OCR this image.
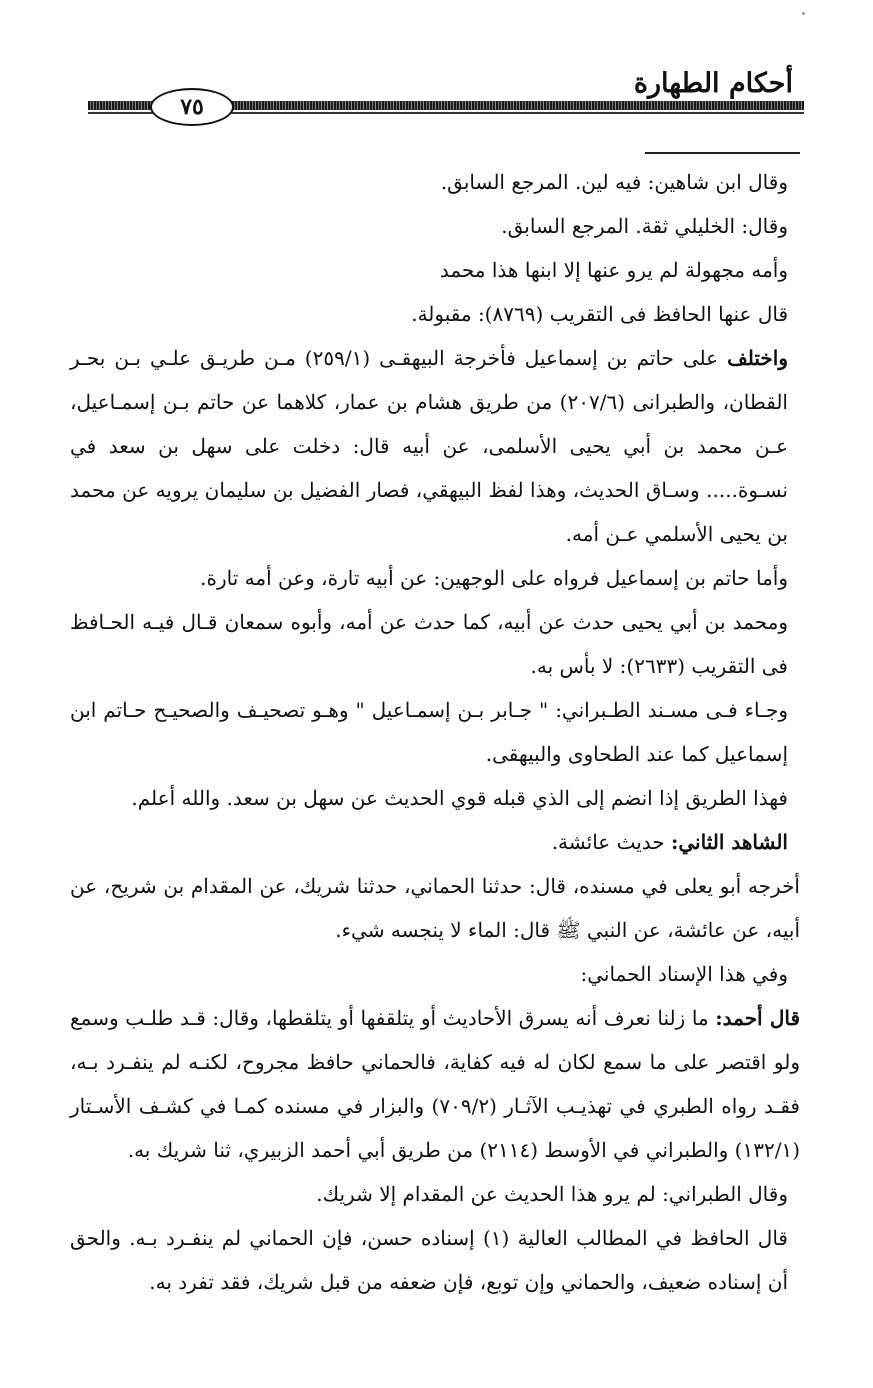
أحكام الطهارة
٧٥

وقال ابن شاهين: فيه لين. المرجع السابق.

وقال: الخليلي ثقة. المرجع السابق.

وأمه مجهولة لم يرو عنها إلا ابنها هذا محمد

قال عنها الحافظ فى التقريب (٨٧٦٩): مقبولة.

واختلف على حاتم بن إسماعيل فأخرجة البيهقـى (٢٥٩/١) مـن طريـق علـي بـن بحـر القطان، والطبرانى (٢٠٧/٦) من طريق هشام بن عمار، كلاهما عن حاتم بـن إسمـاعيل، عـن محمد بن أبي يحيى الأسلمى، عن أبيه قال: دخلت على سهل بن سعد في نسـوة..... وسـاق الحديث، وهذا لفظ البيهقي، فصار الفضيل بن سليمان يرويه عن محمد بن يحيى الأسلمي عـن أمه.

وأما حاتم بن إسماعيل فرواه على الوجهين: عن أبيه تارة، وعن أمه تارة.

ومحمد بن أبي يحيى حدث عن أبيه، كما حدث عن أمه، وأبوه سمعان قـال فيـه الحـافظ فى التقريب (٢٦٣٣): لا بأس به.

وجـاء فـى مسـند الطـبراني: " جـابر بـن إسمـاعيل " وهـو تصحيـف والصحيـح حـاتم ابن إسماعيل كما عند الطحاوى والبيهقى.

فهذا الطريق إذا انضم إلى الذي قبله قوي الحديث عن سهل بن سعد. والله أعلم.

الشاهد الثاني: حديث عائشة.

أخرجه أبو يعلى في مسنده، قال: حدثنا الحماني، حدثنا شريك، عن المقدام بن شريح، عن أبيه، عن عائشة، عن النبي ﷺ قال: الماء لا ينجسه شيء.

وفي هذا الإسناد الحماني:

قال أحمد: ما زلنا نعرف أنه يسرق الأحاديث أو يتلقفها أو يتلقطها، وقال: قـد طلـب وسمع ولو اقتصر على ما سمع لكان له فيه كفاية، فالحماني حافظ مجروح، لكنـه لم ينفـرد بـه، فقـد رواه الطبري في تهذيـب الآثـار (٧٠٩/٢) والبزار في مسنده كمـا في كشـف الأسـتار (١٣٢/١) والطبراني في الأوسط (٢١١٤) من طريق أبي أحمد الزبيري، ثنا شريك به.

وقال الطبراني: لم يرو هذا الحديث عن المقدام إلا شريك.

قال الحافظ في المطالب العالية (١) إسناده حسن، فإن الحماني لم ينفـرد بـه. والحق أن إسناده ضعيف، والحماني وإن توبع، فإن ضعفه من قبل شريك، فقد تفرد به.
